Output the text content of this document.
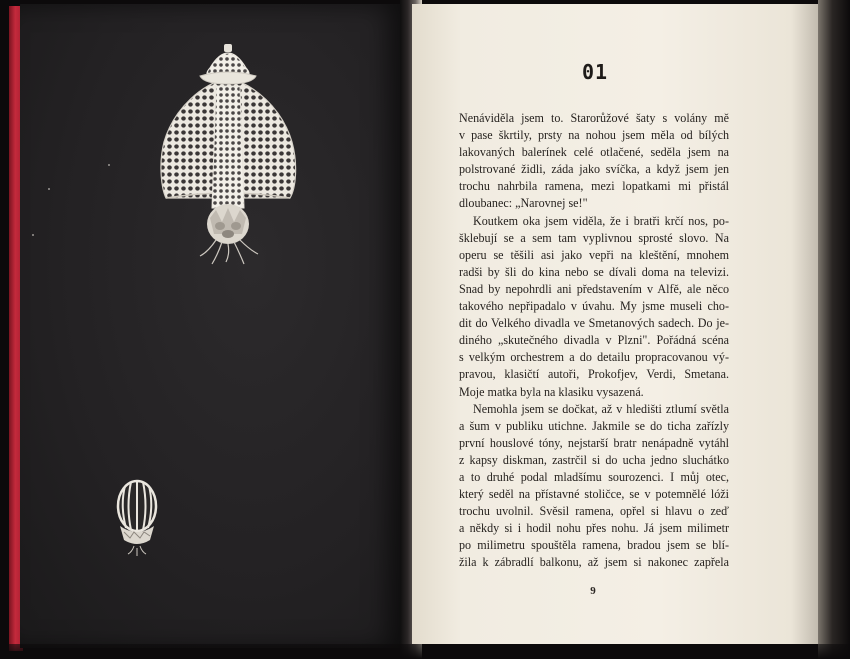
01
Nenáviděla jsem to. Starorůžové šaty s volány mě
v pase škrtily, prsty na nohou jsem měla od bílých
lakovaných balerínek celé otlačené, seděla jsem na
polstrované židli, záda jako svíčka, a když jsem jen
trochu nahrbila ramena, mezi lopatkami mi přistál
dloubanec: „Narovnej se!"
Koutkem oka jsem viděla, že i bratři krčí nos, po-
šklebují se a sem tam vyplivnou sprosté slovo. Na
operu se těšili asi jako vepři na kleštění, mnohem
radši by šli do kina nebo se dívali doma na televizi.
Snad by nepohrdli ani představením v Alfě, ale něco
takového nepřipadalo v úvahu. My jsme museli cho-
dit do Velkého divadla ve Smetanových sadech. Do je-
diného „skutečného divadla v Plzni". Pořádná scéna
s velkým orchestrem a do detailu propracovanou vý-
pravou, klasičtí autoři, Prokofjev, Verdi, Smetana.
Moje matka byla na klasiku vysazená.
Nemohla jsem se dočkat, až v hledišti ztlumí světla
a šum v publiku utichne. Jakmile se do ticha zařízly
první houslové tóny, nejstarší bratr nenápadně vytáhl
z kapsy diskman, zastrčil si do ucha jedno sluchátko
a to druhé podal mladšímu sourozenci. I můj otec,
který seděl na přístavné stoličce, se v potemnělé lóži
trochu uvolnil. Svěsil ramena, opřel si hlavu o zeď
a někdy si i hodil nohu přes nohu. Já jsem milimetr
po milimetru spouštěla ramena, bradou jsem se blí-
žila k zábradlí balkonu, až jsem si nakonec zapřela
9
